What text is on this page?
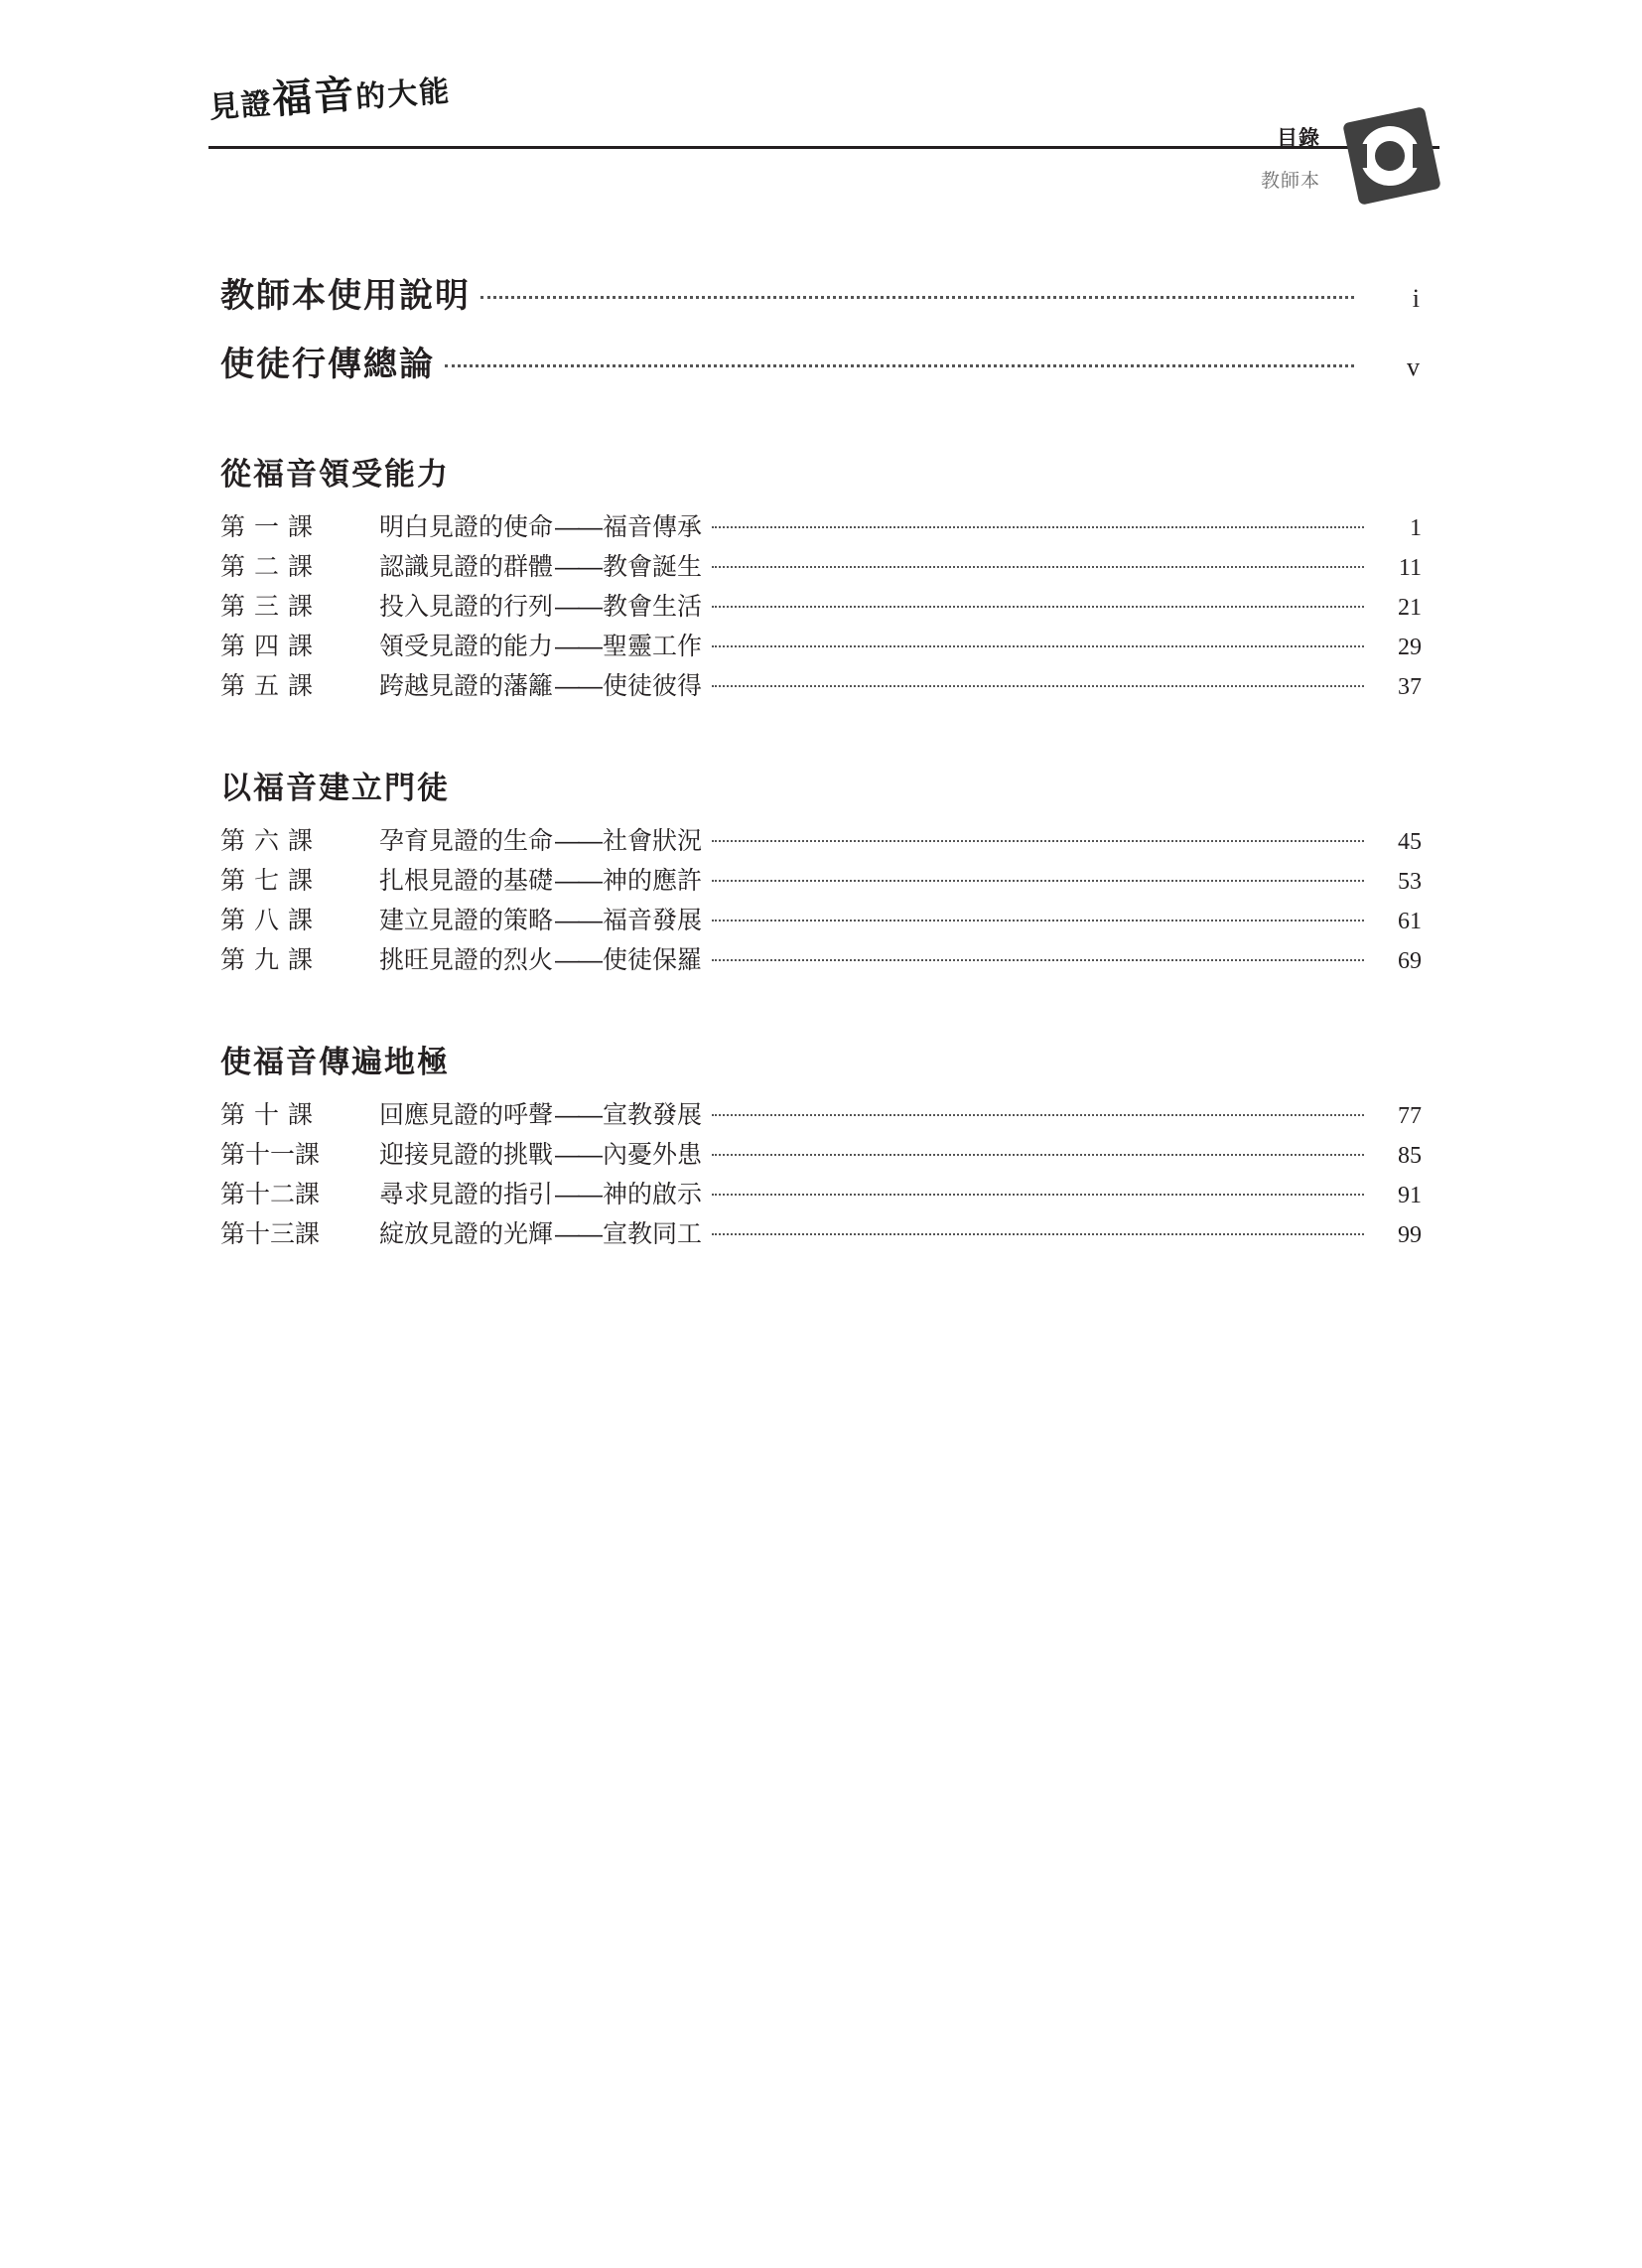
見證福音的大能
目錄
教師本
教師本使用說明	i
使徒行傳總論	v
從福音領受能力
第一課	明白見證的使命 —— 福音傳承	1
第二課	認識見證的群體 —— 教會誕生	11
第三課	投入見證的行列 —— 教會生活	21
第四課	領受見證的能力 —— 聖靈工作	29
第五課	跨越見證的藩籬 —— 使徒彼得	37
以福音建立門徒
第六課	孕育見證的生命 —— 社會狀況	45
第七課	扎根見證的基礎 —— 神的應許	53
第八課	建立見證的策略 —— 福音發展	61
第九課	挑旺見證的烈火 —— 使徒保羅	69
使福音傳遍地極
第十課	回應見證的呼聲 —— 宣教發展	77
第十一課	迎接見證的挑戰 —— 內憂外患	85
第十二課	尋求見證的指引 —— 神的啟示	91
第十三課	綻放見證的光輝 —— 宣教同工	99
